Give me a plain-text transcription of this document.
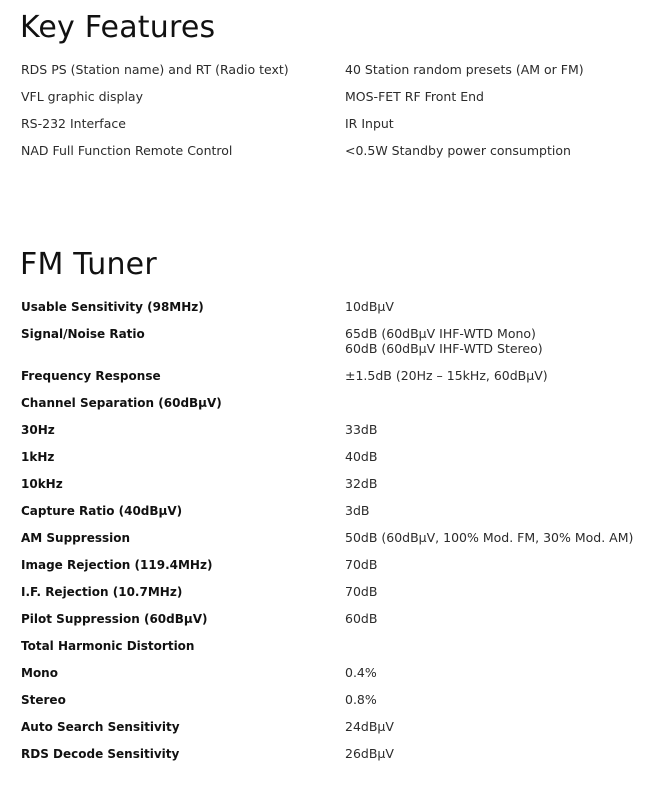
Key Features
RDS PS (Station name) and RT (Radio text)	40 Station random presets (AM or FM)
VFL graphic display	MOS-FET RF Front End
RS-232 Interface	IR Input
NAD Full Function Remote Control	<0.5W Standby power consumption
FM Tuner
Usable Sensitivity (98MHz)	10dBµV
Signal/Noise Ratio	65dB (60dBµV IHF-WTD Mono)
60dB (60dBµV IHF-WTD Stereo)
Frequency Response	±1.5dB (20Hz – 15kHz, 60dBµV)
Channel Separation (60dBµV)
30Hz	33dB
1kHz	40dB
10kHz	32dB
Capture Ratio (40dBµV)	3dB
AM Suppression	50dB (60dBµV, 100% Mod. FM, 30% Mod. AM)
Image Rejection (119.4MHz)	70dB
I.F. Rejection (10.7MHz)	70dB
Pilot Suppression (60dBµV)	60dB
Total Harmonic Distortion
Mono	0.4%
Stereo	0.8%
Auto Search Sensitivity	24dBµV
RDS Decode Sensitivity	26dBµV
